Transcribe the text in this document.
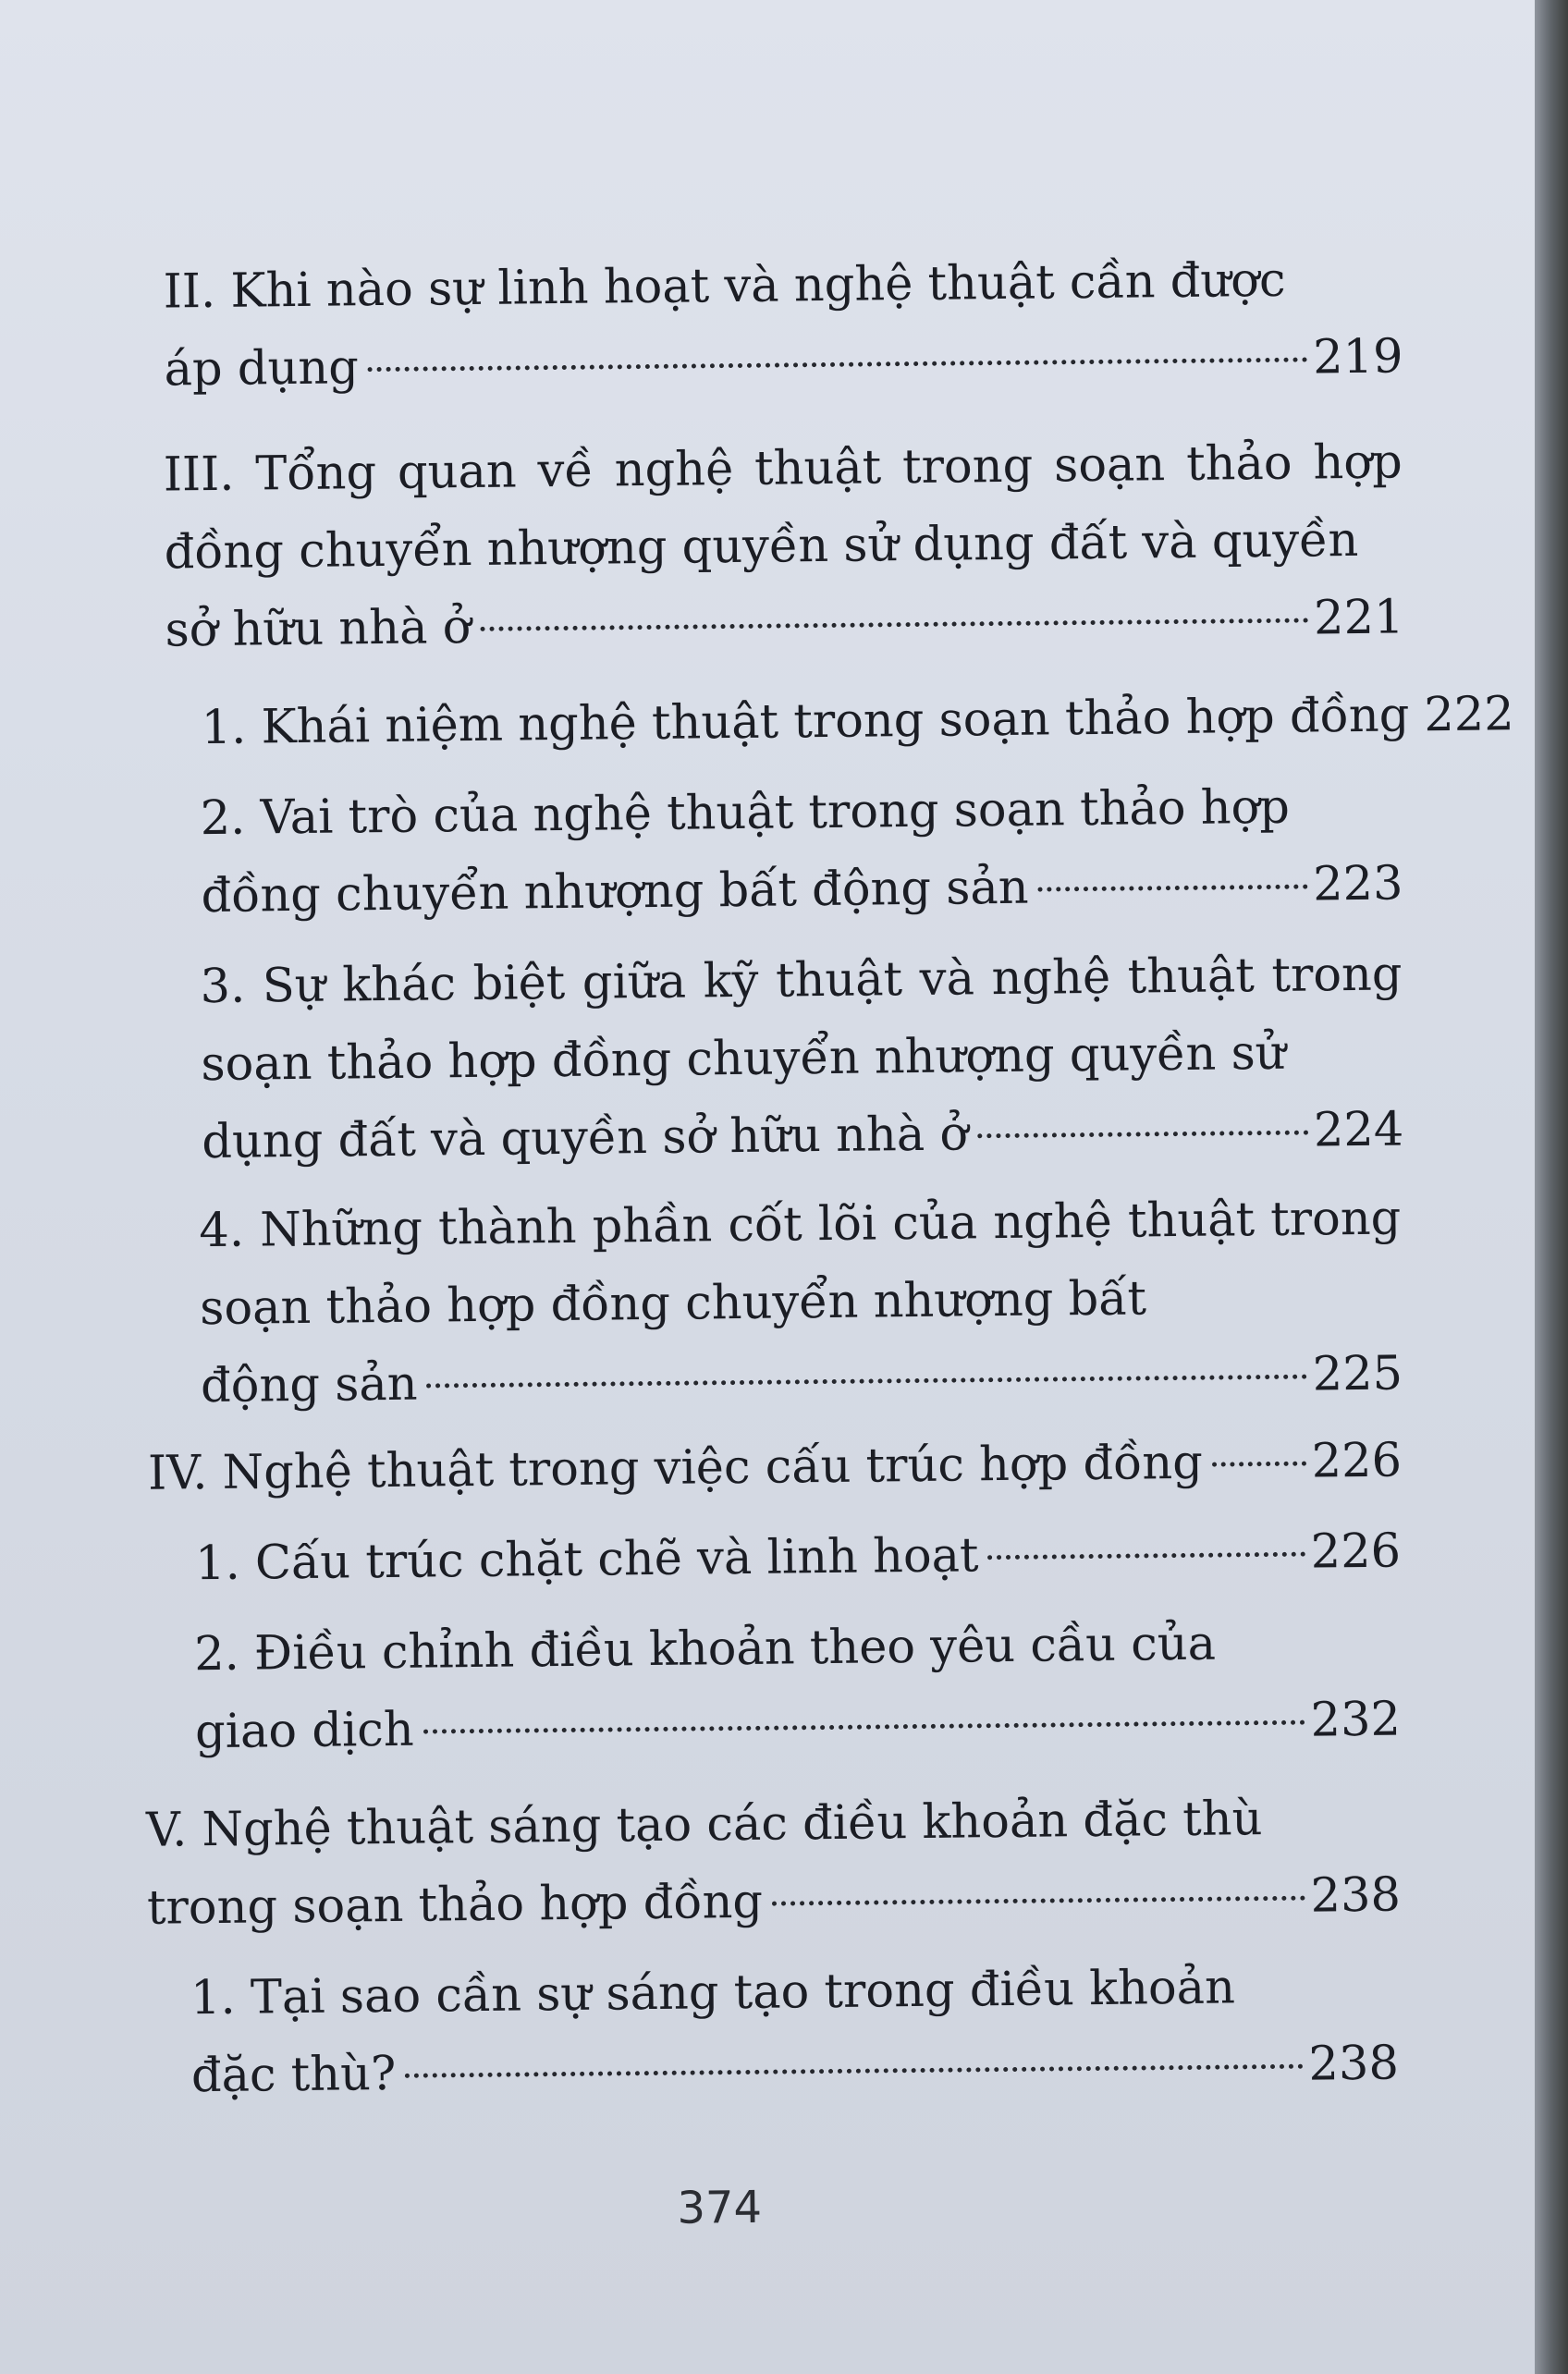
II. Khi nào sự linh hoạt và nghệ thuật cần được
áp dụng	219
III. Tổng quan về nghệ thuật trong soạn thảo hợp đồng chuyển nhượng quyền sử dụng đất và quyền
sở hữu nhà ở	221
1. Khái niệm nghệ thuật trong soạn thảo hợp đồng 222
2. Vai trò của nghệ thuật trong soạn thảo hợp
đồng chuyển nhượng bất động sản	223
3. Sự khác biệt giữa kỹ thuật và nghệ thuật trong soạn thảo hợp đồng chuyển nhượng quyền sử
dụng đất và quyền sở hữu nhà ở	224
4. Những thành phần cốt lõi của nghệ thuật trong soạn thảo hợp đồng chuyển nhượng bất
động sản	225
IV. Nghệ thuật trong việc cấu trúc hợp đồng 226
1. Cấu trúc chặt chẽ và linh hoạt	226
2. Điều chỉnh điều khoản theo yêu cầu của
giao dịch	232
V. Nghệ thuật sáng tạo các điều khoản đặc thù
trong soạn thảo hợp đồng	238
1. Tại sao cần sự sáng tạo trong điều khoản
đặc thù?	238
374
